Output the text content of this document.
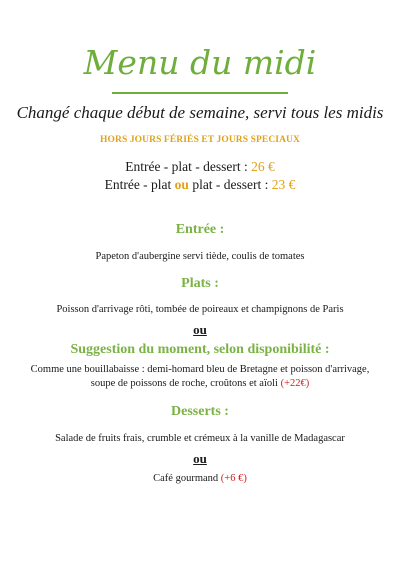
Menu du midi
Changé chaque début de semaine, servi tous les midis
HORS JOURS FÉRIÉS ET JOURS SPECIAUX
Entrée - plat - dessert : 26 €
Entrée - plat ou plat - dessert : 23 €
Entrée :
Papeton d'aubergine servi tiède, coulis de tomates
Plats :
Poisson d'arrivage rôti, tombée de poireaux et champignons de Paris
ou
Suggestion du moment, selon disponibilité :
Comme une bouillabaisse : demi-homard bleu de Bretagne et poisson d'arrivage, soupe de poissons de roche, croûtons et aïoli (+22€)
Desserts :
Salade de fruits frais, crumble et crémeux à la vanille de Madagascar
ou
Café gourmand (+6 €)
